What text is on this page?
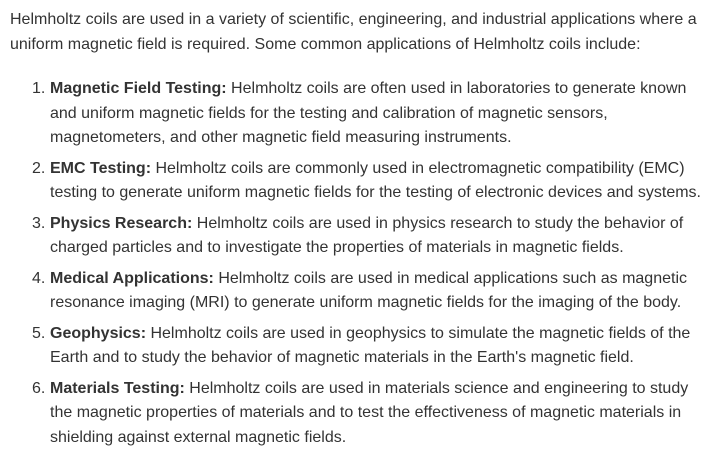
Helmholtz coils are used in a variety of scientific, engineering, and industrial applications where a uniform magnetic field is required. Some common applications of Helmholtz coils include:

1. Magnetic Field Testing: Helmholtz coils are often used in laboratories to generate known and uniform magnetic fields for the testing and calibration of magnetic sensors, magnetometers, and other magnetic field measuring instruments.
2. EMC Testing: Helmholtz coils are commonly used in electromagnetic compatibility (EMC) testing to generate uniform magnetic fields for the testing of electronic devices and systems.
3. Physics Research: Helmholtz coils are used in physics research to study the behavior of charged particles and to investigate the properties of materials in magnetic fields.
4. Medical Applications: Helmholtz coils are used in medical applications such as magnetic resonance imaging (MRI) to generate uniform magnetic fields for the imaging of the body.
5. Geophysics: Helmholtz coils are used in geophysics to simulate the magnetic fields of the Earth and to study the behavior of magnetic materials in the Earth's magnetic field.
6. Materials Testing: Helmholtz coils are used in materials science and engineering to study the magnetic properties of materials and to test the effectiveness of magnetic materials in shielding against external magnetic fields.
